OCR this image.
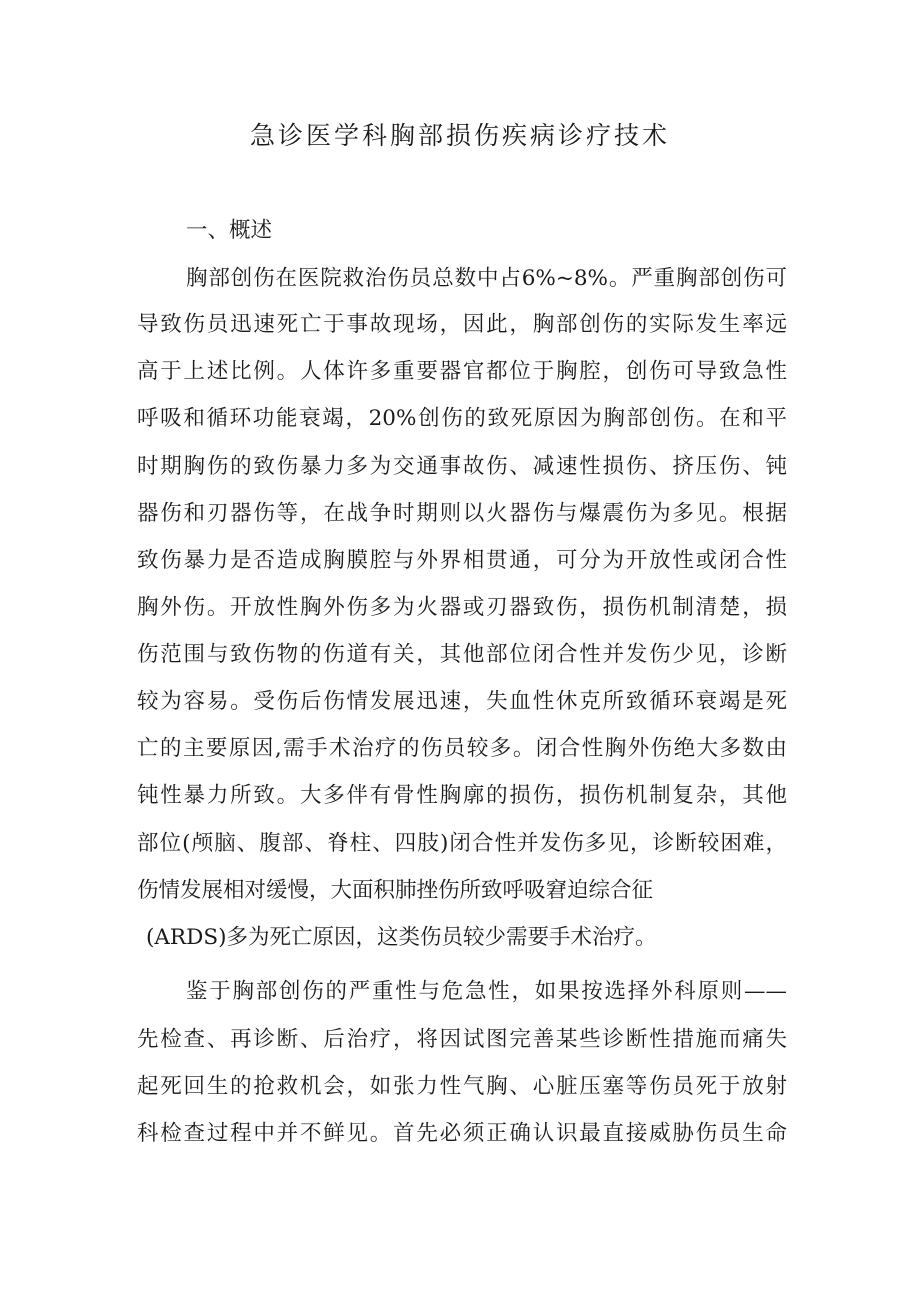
急诊医学科胸部损伤疾病诊疗技术

一、概述

胸部创伤在医院救治伤员总数中占6%~8%。严重胸部创伤可

导致伤员迅速死亡于事故现场，因此，胸部创伤的实际发生率远

高于上述比例。人体许多重要器官都位于胸腔，创伤可导致急性

呼吸和循环功能衰竭，20%创伤的致死原因为胸部创伤。在和平

时期胸伤的致伤暴力多为交通事故伤、减速性损伤、挤压伤、钝

器伤和刃器伤等，在战争时期则以火器伤与爆震伤为多见。根据

致伤暴力是否造成胸膜腔与外界相贯通，可分为开放性或闭合性

胸外伤。开放性胸外伤多为火器或刃器致伤，损伤机制清楚，损

伤范围与致伤物的伤道有关，其他部位闭合性并发伤少见，诊断

较为容易。受伤后伤情发展迅速，失血性休克所致循环衰竭是死

亡的主要原因,需手术治疗的伤员较多。闭合性胸外伤绝大多数由

钝性暴力所致。大多伴有骨性胸廓的损伤，损伤机制复杂，其他

部位(颅脑、腹部、脊柱、四肢)闭合性并发伤多见，诊断较困难，

伤情发展相对缓慢，大面积肺挫伤所致呼吸窘迫综合征

(ARDS)多为死亡原因，这类伤员较少需要手术治疗。

鉴于胸部创伤的严重性与危急性，如果按选择外科原则——

先检查、再诊断、后治疗，将因试图完善某些诊断性措施而痛失

起死回生的抢救机会，如张力性气胸、心脏压塞等伤员死于放射

科检查过程中并不鲜见。首先必须正确认识最直接威胁伤员生命
